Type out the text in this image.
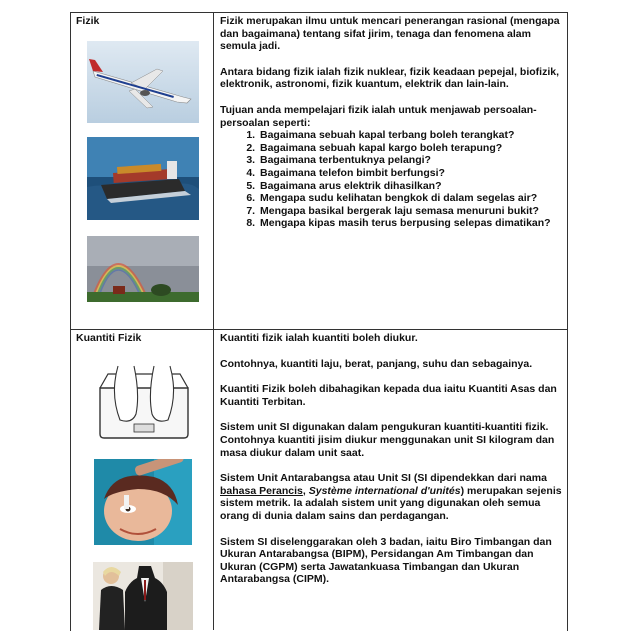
Fizik	Fizik merupakan ilmu untuk mencari penerangan rasional (mengapa dan bagaimana) tentang sifat jirim, tenaga dan fenomena alam semula jadi.

Antara bidang fizik ialah fizik nuklear, fizik keadaan pepejal, biofizik, elektronik, astronomi, fizik kuantum, elektrik dan lain-lain.

Tujuan anda mempelajari fizik ialah untuk menjawab persoalan-persoalan seperti:

1. Bagaimana sebuah kapal terbang boleh terangkat?
2. Bagaimana sebuah kapal kargo boleh terapung?
3. Bagaimana terbentuknya pelangi?
4. Bagaimana telefon bimbit berfungsi?
5. Bagaimana arus elektrik dihasilkan?
6. Mengapa sudu kelihatan bengkok di dalam segelas air?
7. Mengapa basikal bergerak laju semasa menuruni bukit?
8. Mengapa kipas masih terus berpusing selepas dimatikan?
Kuantiti Fizik	Kuantiti fizik ialah kuantiti boleh diukur.

Contohnya, kuantiti laju, berat, panjang, suhu dan sebagainya.

Kuantiti Fizik boleh dibahagikan kepada dua iaitu Kuantiti Asas dan Kuantiti Terbitan.

Sistem unit SI digunakan dalam pengukuran kuantiti-kuantiti fizik. Contohnya kuantiti jisim diukur menggunakan unit SI kilogram dan masa diukur dalam unit saat.

Sistem Unit Antarabangsa atau Unit SI (SI dipendekkan dari nama bahasa Perancis, Système international d'unités) merupakan sejenis sistem metrik. Ia adalah sistem unit yang digunakan oleh semua orang di dunia dalam sains dan perdagangan.

Sistem SI diselenggarakan oleh 3 badan, iaitu Biro Timbangan dan Ukuran Antarabangsa (BIPM), Persidangan Am Timbangan dan Ukuran (CGPM) serta Jawatankuasa Timbangan dan Ukuran Antarabangsa (CIPM).
